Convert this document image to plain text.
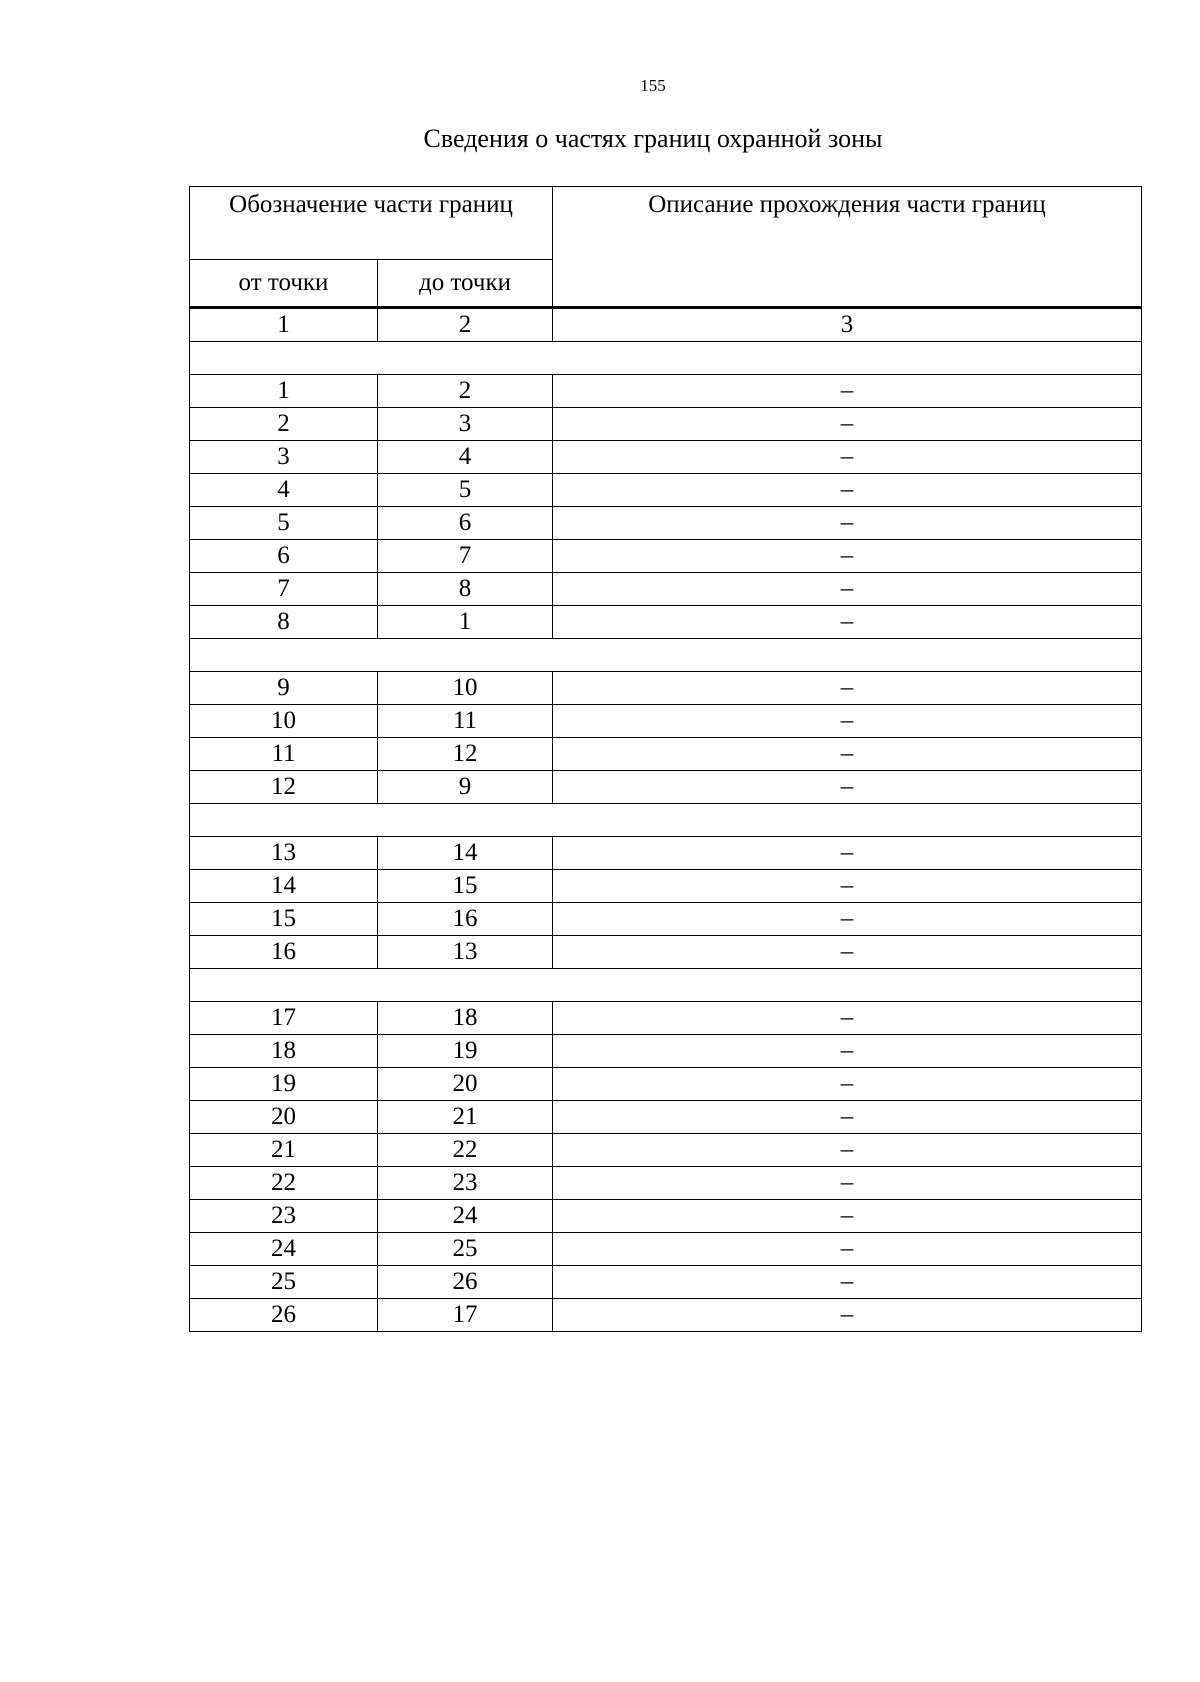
155
Сведения о частях границ охранной зоны
Обозначение части границ		Описание прохождения части границ
от точки	до точки	
1	2	3

1	2	–
2	3	–
3	4	–
4	5	–
5	6	–
6	7	–
7	8	–
8	1	–

9	10	–
10	11	–
11	12	–
12	9	–

13	14	–
14	15	–
15	16	–
16	13	–

17	18	–
18	19	–
19	20	–
20	21	–
21	22	–
22	23	–
23	24	–
24	25	–
25	26	–
26	17	–
